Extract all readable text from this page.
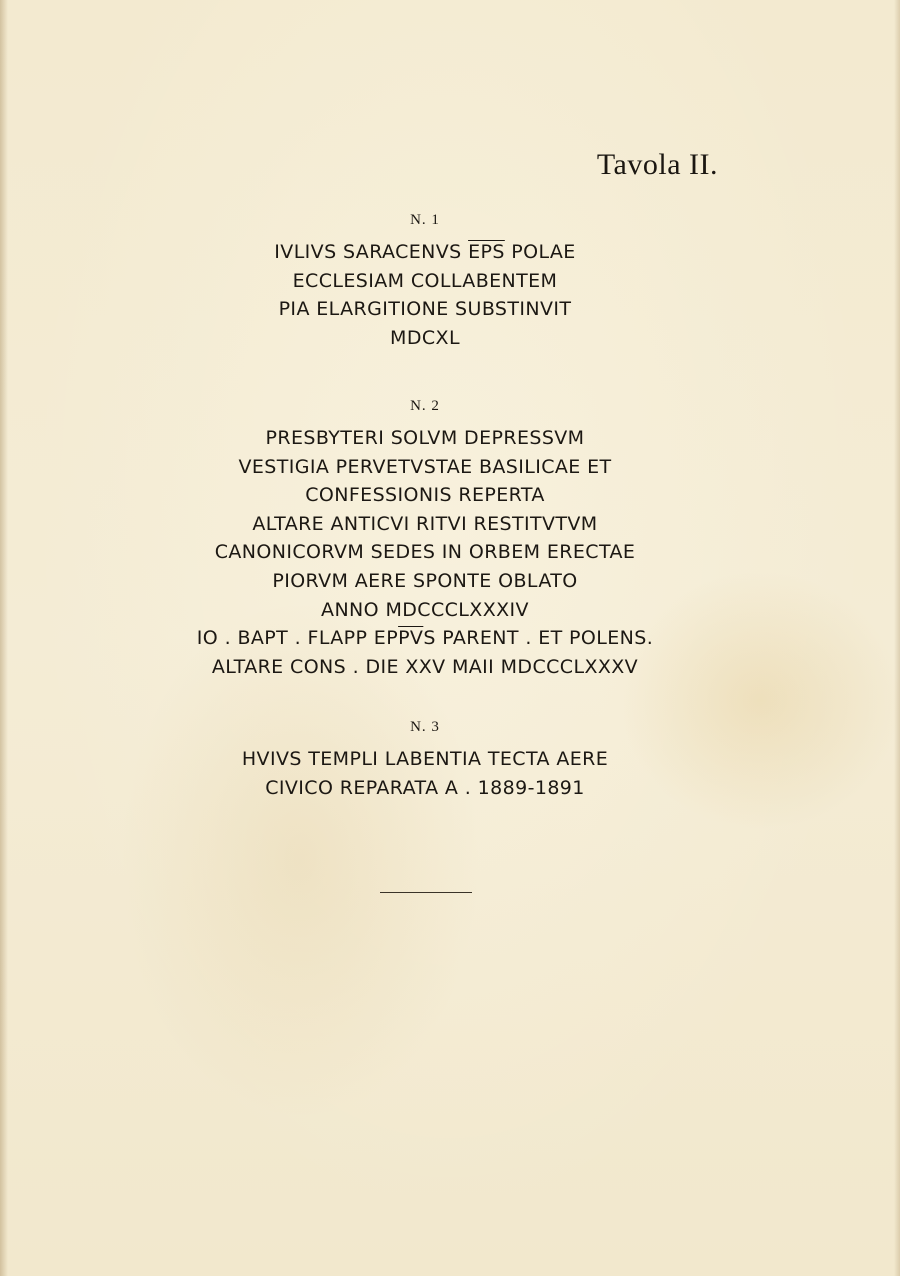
Tavola II.
N. 1
IVLIVS SARACENVS $\overline{EPS}$ POLAE
ECCLESIAM COLLABENTEM
PIA ELARGITIONE SUBSTINVIT
MDCXL
N. 2
PRESBYTERI SOLVM DEPRESSVM
VESTIGIA PERVETVSTAE BASILICAE ET
CONFESSIONIS REPERTA
ALTARE ANTICVI RITVI RESTITVTVM
CANONICORVM SEDES IN ORBEM ERECTAE
PIORVM AERE SPONTE OBLATO
ANNO MDCCCLXXXIV
IO . BAPT . FLAPP $EP\overline{PV}S$ PARENT . ET POLENS.
ALTARE CONS . DIE XXV MAII MDCCCLXXXV
N. 3
HVIVS TEMPLI LABENTIA TECTA AERE
CIVICO REPARATA A . 1889-1891
